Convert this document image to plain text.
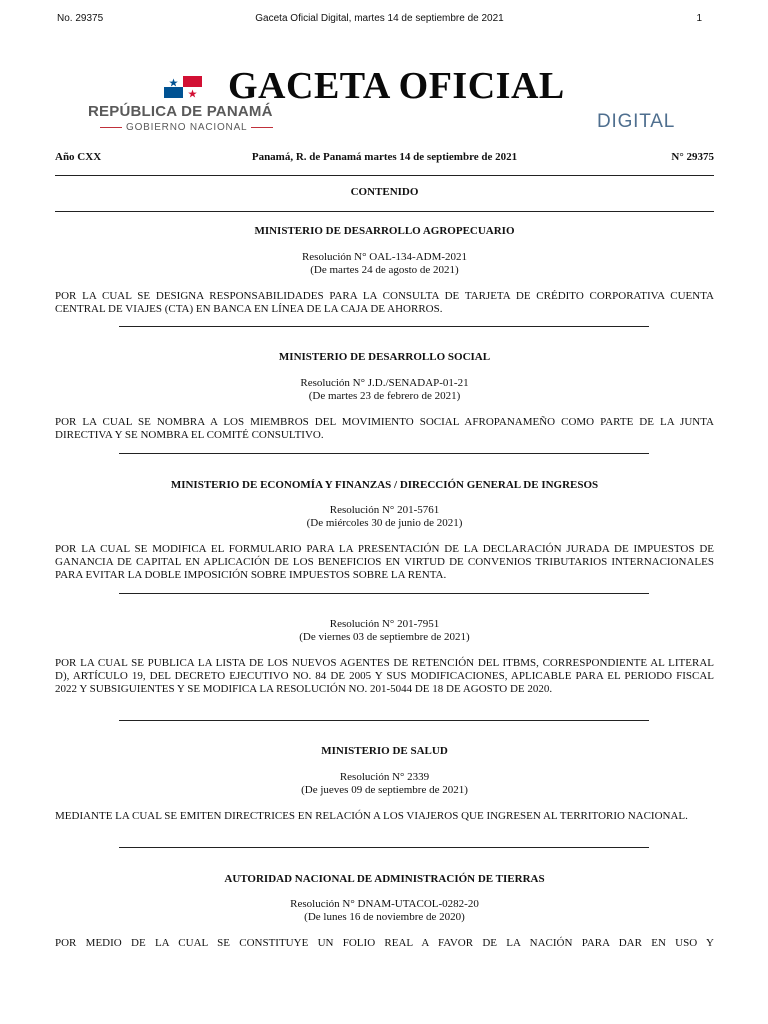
No. 29375	Gaceta Oficial Digital, martes 14 de septiembre de 2021	1
GACETA OFICIAL
REPÚBLICA DE PANAMÁ
GOBIERNO NACIONAL	DIGITAL
Año CXX	Panamá, R. de Panamá martes 14 de septiembre de 2021	N° 29375
CONTENIDO
MINISTERIO DE DESARROLLO AGROPECUARIO
Resolución N° OAL-134-ADM-2021
(De martes 24 de agosto de 2021)
POR LA CUAL SE DESIGNA RESPONSABILIDADES PARA LA CONSULTA DE TARJETA DE CRÉDITO CORPORATIVA CUENTA CENTRAL DE VIAJES (CTA) EN BANCA EN LÍNEA DE LA CAJA DE AHORROS.
MINISTERIO DE DESARROLLO SOCIAL
Resolución N° J.D./SENADAP-01-21
(De martes 23 de febrero de 2021)
POR LA CUAL SE NOMBRA A LOS MIEMBROS DEL MOVIMIENTO SOCIAL AFROPANAMEÑO COMO PARTE DE LA JUNTA DIRECTIVA Y SE NOMBRA EL COMITÉ CONSULTIVO.
MINISTERIO DE ECONOMÍA Y FINANZAS / DIRECCIÓN GENERAL DE INGRESOS
Resolución N° 201-5761
(De miércoles 30 de junio de 2021)
POR LA CUAL SE MODIFICA EL FORMULARIO PARA LA PRESENTACIÓN DE LA DECLARACIÓN JURADA DE IMPUESTOS DE GANANCIA DE CAPITAL EN APLICACIÓN DE LOS BENEFICIOS EN VIRTUD DE CONVENIOS TRIBUTARIOS INTERNACIONALES PARA EVITAR LA DOBLE IMPOSICIÓN SOBRE IMPUESTOS SOBRE LA RENTA.
Resolución N° 201-7951
(De viernes 03 de septiembre de 2021)
POR LA CUAL SE PUBLICA LA LISTA DE LOS NUEVOS AGENTES DE RETENCIÓN DEL ITBMS, CORRESPONDIENTE AL LITERAL D), ARTÍCULO 19, DEL DECRETO EJECUTIVO NO. 84 DE 2005 Y SUS MODIFICACIONES, APLICABLE PARA EL PERIODO FISCAL 2022 Y SUBSIGUIENTES Y SE MODIFICA LA RESOLUCIÓN NO. 201-5044 DE 18 DE AGOSTO DE 2020.
MINISTERIO DE SALUD
Resolución N° 2339
(De jueves 09 de septiembre de 2021)
MEDIANTE LA CUAL SE EMITEN DIRECTRICES EN RELACIÓN A LOS VIAJEROS QUE INGRESEN AL TERRITORIO NACIONAL.
AUTORIDAD NACIONAL DE ADMINISTRACIÓN DE TIERRAS
Resolución N° DNAM-UTACOL-0282-20
(De lunes 16 de noviembre de 2020)
POR MEDIO DE LA CUAL SE CONSTITUYE UN FOLIO REAL A FAVOR DE LA NACIÓN PARA DAR EN USO Y
